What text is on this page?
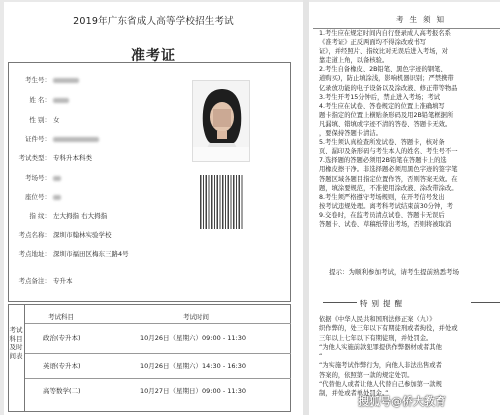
2019年广东省成人高等学校招生考试
准考证
考生号：
姓 名：
性 别： 女
证件号：
考试类型： 专科升本科类
考场号：
座位号：
指 纹： 左大拇指 右大拇指
考点名称： 深圳市翰林实验学校
考点地址： 深圳市福田区梅东三路4号
考点备注： 专升本
考试科目及时间表
考试科目	考试时间
政治(专升本)	10月26日（星期六）09:00 - 11:30
英语(专升本)	10月26日（星期六）14:30 - 16:30
高等数学(二)	10月27日（星期日）09:00 - 11:30
考生须知

1.考生应在规定时间内自行登录成人高考报名系

《准考证》正反两面均不得涂改或书写

证》，并经照片、指纹比对无误后进入考场，对

靠走道上角，以备核验。

2.考生自备橡皮、2B铅笔、黑色字迹的钢笔、

道购买)，防止填涂浅，影响机器识别；严禁携带

亿录放功能的电子设备以及涂改液、修正带等物品

3.考生开考15分钟后，禁止进入考场；考试

4.考生应在试卷、答卷规定的位置上准确填写

题卡指定的位置上横贴条形码及用2B铅笔框据所

凡漏填、错填或字迹不清的答卷、答题卡无效。

，要保持答题卡清洁。

5.考生须认真检查所发试卷、答题卡，核对条

页、漏印及条形码与考生本人的姓名、考生号不一

7.选择题的答题必须用2B铅笔在答题卡上的选

用橡皮擦干净。非选择题必须用黑色字迹的签字笔

答题区域各题目指定位置作答，否则答案无效。在

题，填涂要规范，不准使用涂改液、涂改带涂改。

8.考生须严格遵守考场规则，在开考信号发出

按考试违规处理。离考科考试结束前30分钟，考

9.交卷时，在监考员清点试卷、答题卡无误后

答题卡、试卷、草稿纸带出考场，否则将被取消

提示：为顺利参加考试，请考生提前熟悉考场
特别提醒

依据《中华人民共和国刑法修正案（九）》

织作弊的，处三年以下有期徒刑或者拘役，并处或

三年以上七年以下有期徒刑，并处罚金。

“为他人实施前款犯罪提供作弊器材或者其他

“

“为实施考试作弊行为，向他人非法出售或者

答案的，依照第一款的规定处罚。

“代替他人或者让他人代替自己参加第一款规

制，并处或者单处罚金。”

搜狐号@侨大教育
